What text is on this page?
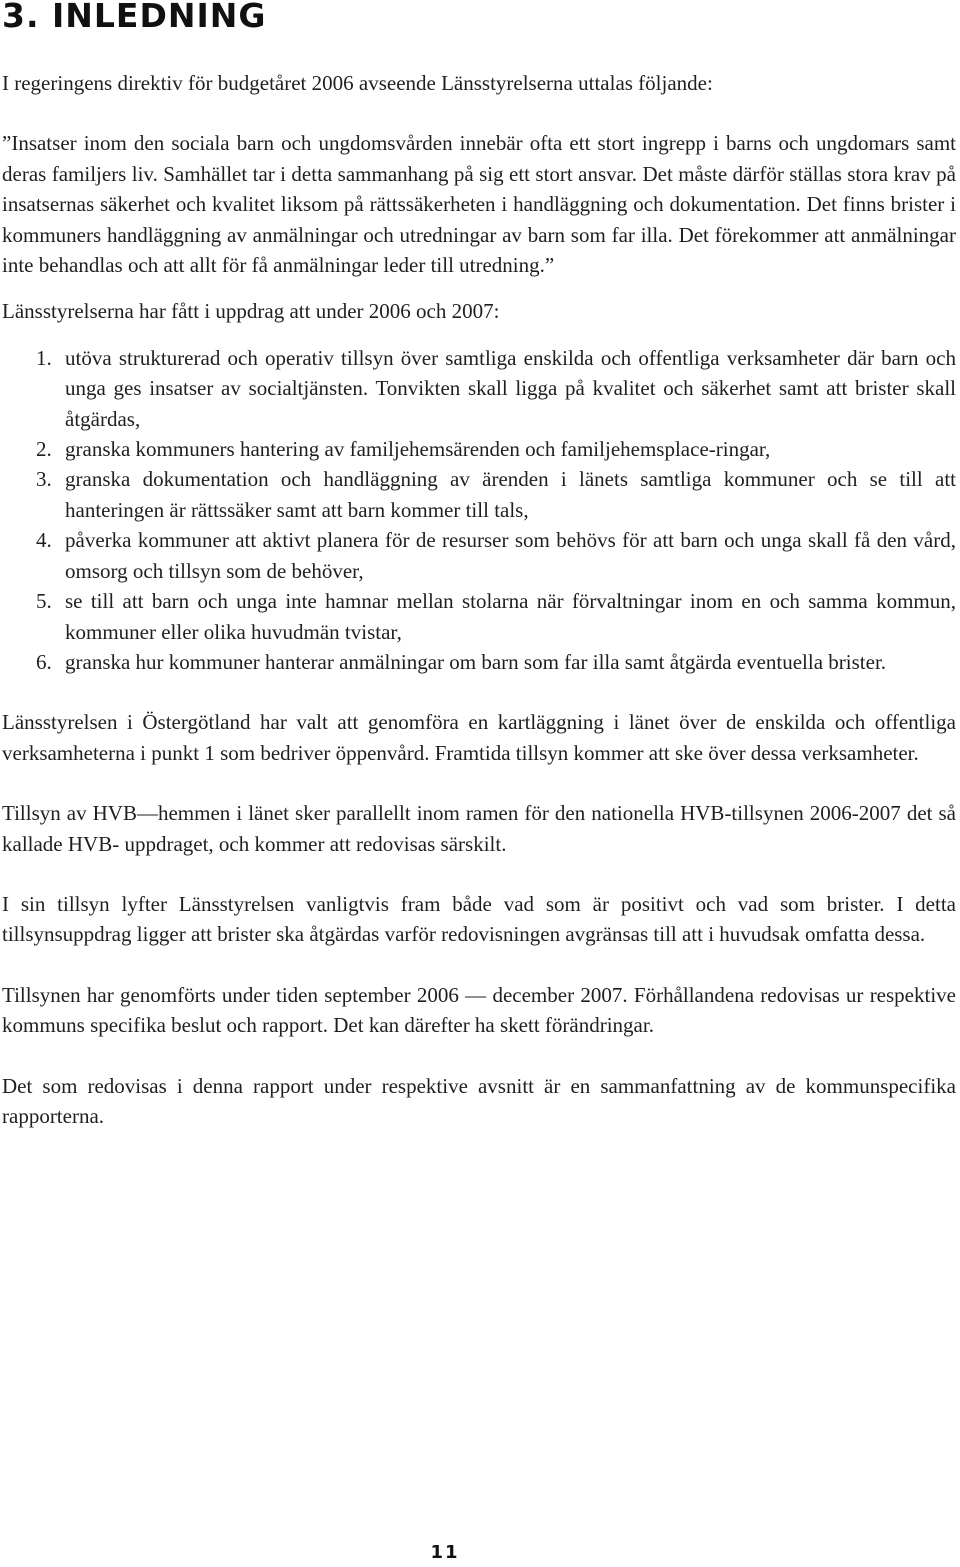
3. INLEDNING

I regeringens direktiv för budgetåret 2006 avseende Länsstyrelserna uttalas följande:

”Insatser inom den sociala barn och ungdomsvården innebär ofta ett stort ingrepp i barns och ungdomars samt deras familjers liv. Samhället tar i detta sammanhang på sig ett stort ansvar. Det måste därför ställas stora krav på insatsernas säkerhet och kvalitet liksom på rättssäkerheten i handläggning och dokumentation. Det finns brister i kommuners handläggning av anmälningar och utredningar av barn som far illa. Det förekommer att anmälningar inte behandlas och att allt för få anmälningar leder till utredning.”

Länsstyrelserna har fått i uppdrag att under 2006 och 2007:

1. utöva strukturerad och operativ tillsyn över samtliga enskilda och offentliga verksamheter där barn och unga ges insatser av socialtjänsten. Tonvikten skall ligga på kvalitet och säkerhet samt att brister skall åtgärdas,
2. granska kommuners hantering av familjehemsärenden och familjehemsplace-ringar,
3. granska dokumentation och handläggning av ärenden i länets samtliga kommuner och se till att hanteringen är rättssäker samt att barn kommer till tals,
4. påverka kommuner att aktivt planera för de resurser som behövs för att barn och unga skall få den vård, omsorg och tillsyn som de behöver,
5. se till att barn och unga inte hamnar mellan stolarna när förvaltningar inom en och samma kommun, kommuner eller olika huvudmän tvistar,
6. granska hur kommuner hanterar anmälningar om barn som far illa samt åtgärda eventuella brister.

Länsstyrelsen i Östergötland har valt att genomföra en kartläggning i länet över de enskilda och offentliga verksamheterna i punkt 1 som bedriver öppenvård. Framtida tillsyn kommer att ske över dessa verksamheter.

Tillsyn av HVB—hemmen i länet sker parallellt inom ramen för den nationella HVB-tillsynen 2006-2007 det så kallade HVB- uppdraget, och kommer att redovisas särskilt.

I sin tillsyn lyfter Länsstyrelsen vanligtvis fram både vad som är positivt och vad som brister. I detta tillsynsuppdrag ligger att brister ska åtgärdas varför redovisningen avgränsas till att i huvudsak omfatta dessa.

Tillsynen har genomförts under tiden september 2006 — december 2007. Förhållandena redovisas ur respektive kommuns specifika beslut och rapport. Det kan därefter ha skett förändringar.

Det som redovisas i denna rapport under respektive avsnitt är en sammanfattning av de kommunspecifika rapporterna.

11
